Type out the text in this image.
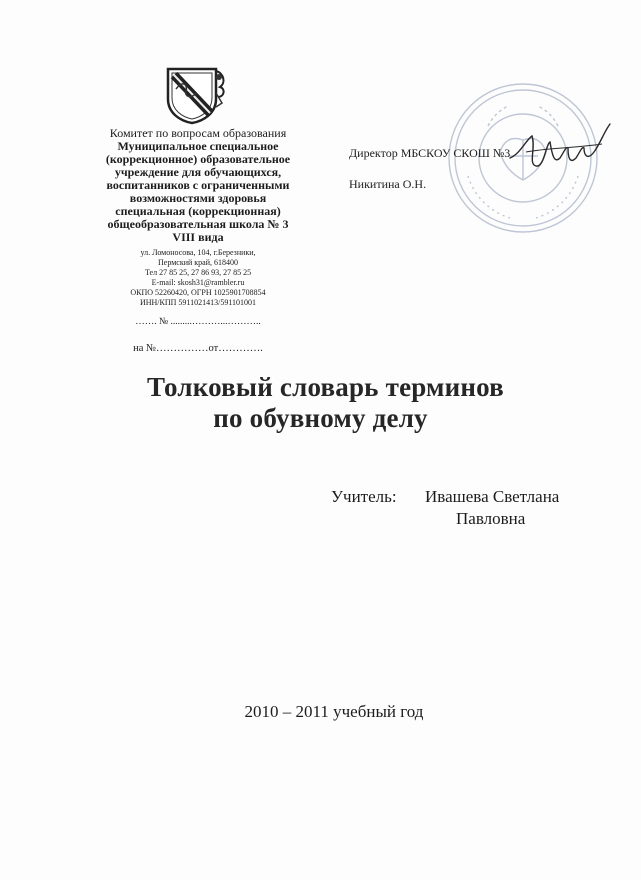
Комитет по вопросам образования
Муниципальное специальное
(коррекционное) образовательное
учреждение для обучающихся,
воспитанников с ограниченными
возможностями здоровья
специальная (коррекционная)
общеобразовательная школа № 3
VIII вида
ул. Ломоносова, 104, г.Березники,
Пермский край, 618400
Тел 27 85 25, 27 86 93, 27 85 25
E-mail: skosh31@rambler.ru
ОКПО 52260420, ОГРН 1025901708854
ИНН/КПП 5911021413/591101001
……. № .........………...………..
на №……………от………….
Директор МБСКОУ СКОШ №3
Никитина О.Н.
Толковый словарь терминов
по обувному делу
Учитель: Ивашева Светлана
Павловна
2010 – 2011 учебный год
